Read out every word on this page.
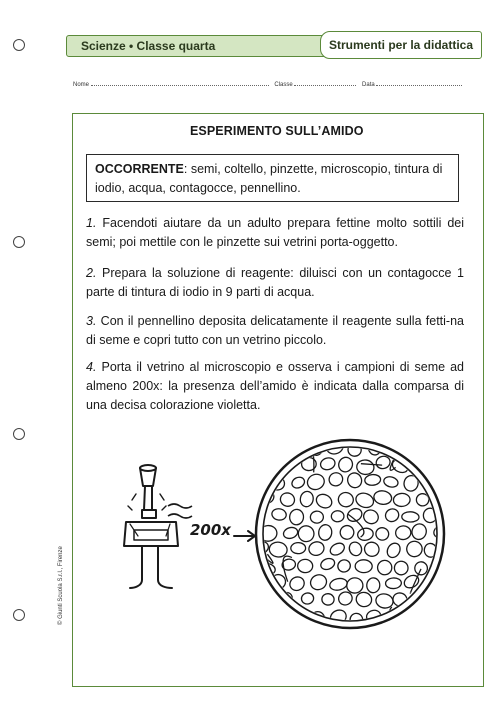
Scienze • Classe quarta	Strumenti per la didattica
Nome	Classe	Data
ESPERIMENTO SULL’AMIDO
OCCORRENTE: semi, coltello, pinzette, microscopio, tintura di iodio, acqua, contagocce, pennellino.
1. Facendoti aiutare da un adulto prepara fettine molto sottili dei semi; poi mettile con le pinzette sui vetrini porta-oggetto.
2. Prepara la soluzione di reagente: diluisci con un contagocce 1 parte di tintura di iodio in 9 parti di acqua.
3. Con il pennellino deposita delicatamente il reagente sulla fetti-na di seme e copri tutto con un vetrino piccolo.
4. Porta il vetrino al microscopio e osserva i campioni di seme ad almeno 200x: la presenza dell’amido è indicata dalla comparsa di una decisa colorazione violetta.
200x
© Giunti Scuola S.r.l., Firenze
